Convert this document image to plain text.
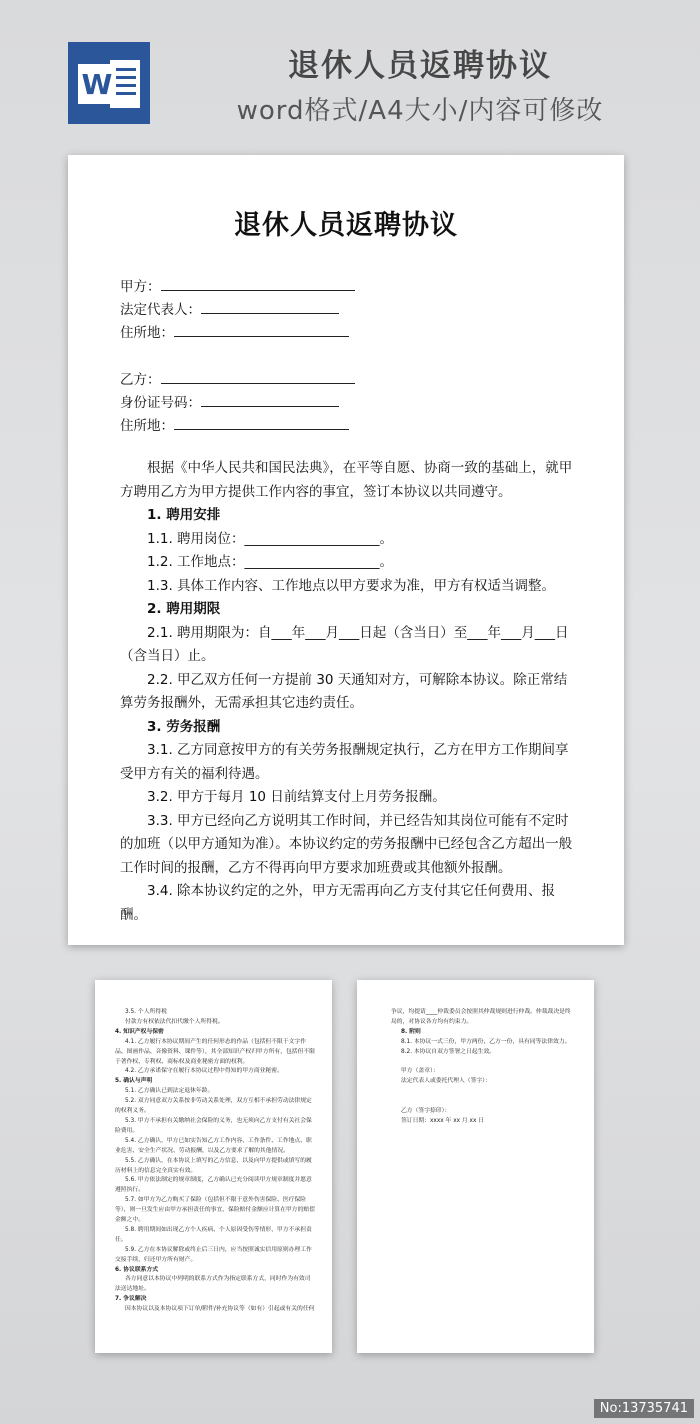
W
退休人员返聘协议
word格式/A4大小/内容可修改
退休人员返聘协议
甲方：
法定代表人：
住所地：
乙方：
身份证号码：
住所地：

根据《中华人民共和国民法典》，在平等自愿、协商一致的基础上，就甲方聘用乙方为甲方提供工作内容的事宜，签订本协议以共同遵守。

1. 聘用安排

1.1. 聘用岗位：____________________。

1.2. 工作地点：____________________。

1.3. 具体工作内容、工作地点以甲方要求为准，甲方有权适当调整。

2. 聘用期限

2.1. 聘用期限为：自___年___月___日起（含当日）至___年___月___日（含当日）止。

2.2. 甲乙双方任何一方提前 30 天通知对方，可解除本协议。除正常结算劳务报酬外，无需承担其它违约责任。

3. 劳务报酬

3.1. 乙方同意按甲方的有关劳务报酬规定执行，乙方在甲方工作期间享受甲方有关的福利待遇。

3.2. 甲方于每月 10 日前结算支付上月劳务报酬。

3.3. 甲方已经向乙方说明其工作时间，并已经告知其岗位可能有不定时的加班（以甲方通知为准）。本协议约定的劳务报酬中已经包含乙方超出一般工作时间的报酬，乙方不得再向甲方要求加班费或其他额外报酬。

3.4. 除本协议约定的之外，甲方无需再向乙方支付其它任何费用、报酬。

3.5. 个人所得税

付款方有权依法代扣代缴个人所得税。

4. 知识产权与保密

4.1. 乙方履行本协议期间产生的任何形态的作品（包括但不限于文字作品、图画作品、音像资料、课件等），其全部知识产权归甲方所有，包括但不限于著作权、专利权、商标权及商业秘密方面的权利。

4.2. 乙方承诺保守在履行本协议过程中得知的甲方商业秘密。

5. 确认与声明

5.1. 乙方确认已到法定退休年龄。

5.2. 双方同意双方关系按非劳动关系处理，双方互相不承担劳动法律规定的权利义务。

5.3. 甲方不承担有关缴纳社会保险的义务，也无须向乙方支付有关社会保险费用。

5.4. 乙方确认，甲方已如实告知乙方工作内容、工作条件、工作地点、职业危害、安全生产状况、劳动报酬，以及乙方要求了解的其他情况。

5.5. 乙方确认，在本协议上填写的乙方信息，以及向甲方提供或填写的履历材料上的信息完全真实有效。

5.6. 甲方依法制定的规章制度，乙方确认已充分阅读甲方规章制度并愿意遵照执行。

5.7. 如甲方为乙方购买了保险（包括但不限于意外伤害保险、医疗保险等），则一旦发生应由甲方承担责任的事宜，保险赔付金额应计算在甲方的赔偿金额之中。

5.8. 聘用期间如出现乙方个人疾病、个人原因受伤等情形，甲方不承担责任。

5.9. 乙方在本协议解除或终止后三日内，应当按照诚实信用原则办理工作交接手续，归还甲方所有财产。

6. 协议联系方式

各方同意以本协议中列明的联系方式作为指定联系方式，同时作为有效司法送达地址。

7. 争议解决

因本协议以及本协议项下订单/附件/补充协议等（如有）引起或有关的任何

争议，均提请____仲裁委员会按照其仲裁规则进行仲裁。仲裁裁决是终局的，对协议各方均有约束力。

8. 附则

8.1. 本协议一式三份，甲方两份，乙方一份，具有同等法律效力。

8.2. 本协议自双方签署之日起生效。

甲方（盖章）：

法定代表人或委托代理人（签字）：

乙方（签字捺印）：

签订日期：xxxx 年 xx 月 xx 日

No:13735741
